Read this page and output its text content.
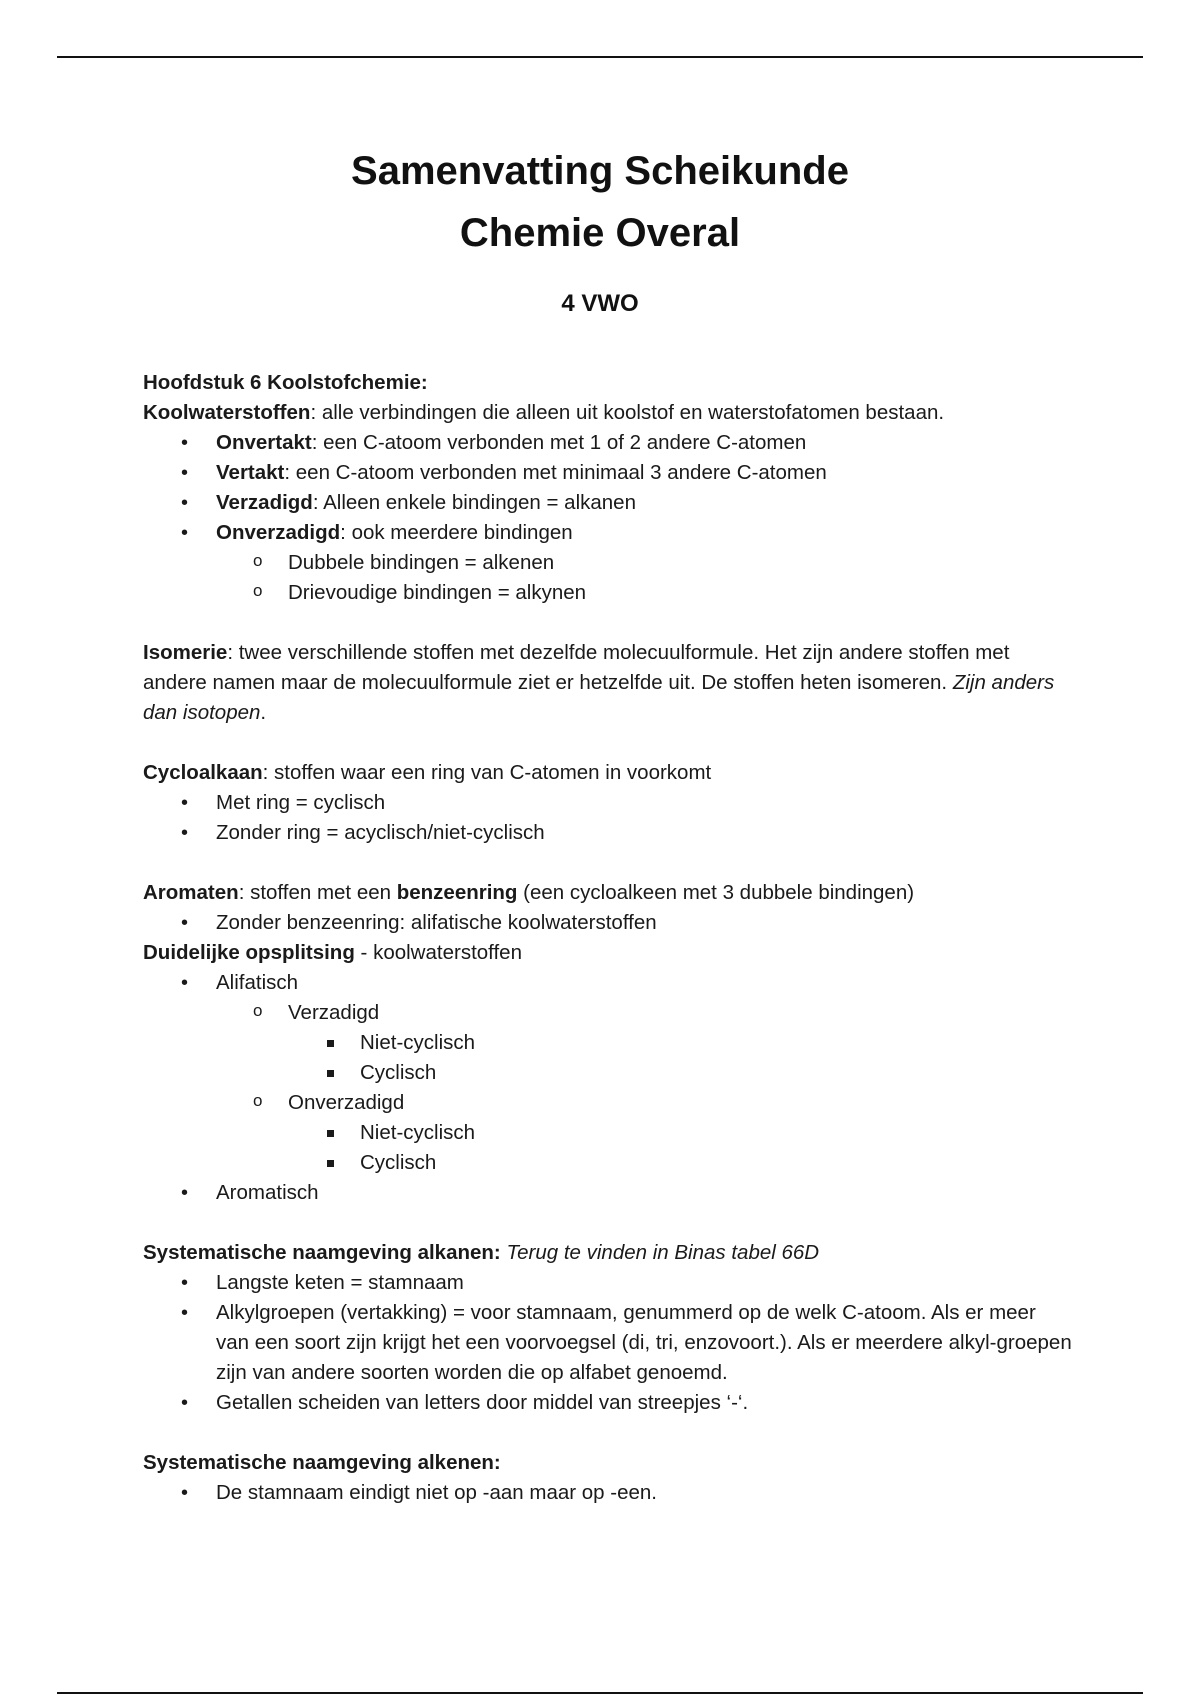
Samenvatting Scheikunde
Chemie Overal

4 VWO

Hoofdstuk 6 Koolstofchemie:

Koolwaterstoffen: alle verbindingen die alleen uit koolstof en waterstofatomen bestaan.

• Onvertakt: een C-atoom verbonden met 1 of 2 andere C-atomen
• Vertakt: een C-atoom verbonden met minimaal 3 andere C-atomen
• Verzadigd: Alleen enkele bindingen = alkanen
• Onverzadigd: ook meerdere bindingen
o Dubbele bindingen = alkenen
o Drievoudige bindingen = alkynen

Isomerie: twee verschillende stoffen met dezelfde molecuulformule. Het zijn andere stoffen met andere namen maar de molecuulformule ziet er hetzelfde uit. De stoffen heten isomeren. Zijn anders dan isotopen.

Cycloalkaan: stoffen waar een ring van C-atomen in voorkomt

• Met ring = cyclisch
• Zonder ring = acyclisch/niet-cyclisch

Aromaten: stoffen met een benzeenring (een cycloalkeen met 3 dubbele bindingen)

• Zonder benzeenring: alifatische koolwaterstoffen

Duidelijke opsplitsing - koolwaterstoffen

• Alifatisch
o Verzadigd
Niet-cyclisch
Cyclisch
o Onverzadigd
Niet-cyclisch
Cyclisch
• Aromatisch

Systematische naamgeving alkanen: Terug te vinden in Binas tabel 66D

• Langste keten = stamnaam
• Alkylgroepen (vertakking) = voor stamnaam, genummerd op de welk C-atoom. Als er meer van een soort zijn krijgt het een voorvoegsel (di, tri, enzovoort.). Als er meerdere alkyl-groepen zijn van andere soorten worden die op alfabet genoemd.
• Getallen scheiden van letters door middel van streepjes ‘-‘.

Systematische naamgeving alkenen:

• De stamnaam eindigt niet op -aan maar op -een.
